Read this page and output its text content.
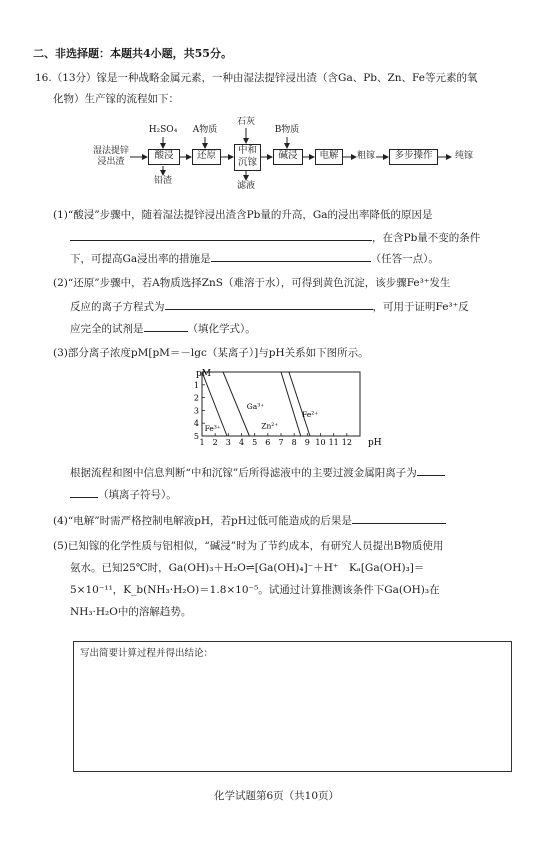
二、非选择题：本题共4小题，共55分。
16.（13分）镓是一种战略金属元素，一种由湿法提锌浸出渣（含Ga、Pb、Zn、Fe等元素的氧
化物）生产镓的流程如下：
湿法提锌
浸出渣
酸浸	还原	中和
沉镓
碱浸	电解	粗镓	多步操作	纯镓
H₂SO₄	A物质
石灰
B物质
铅渣	滤液
(1)“酸浸”步骤中，随着湿法提锌浸出渣含Pb量的升高，Ga的浸出率降低的原因是
，在含Pb量不变的条件
下，可提高Ga浸出率的措施是	（任答一点）。
(2)“还原”步骤中，若A物质选择ZnS（难溶于水），可得到黄色沉淀，该步骤Fe³⁺发生
反应的离子方程式为	，可用于证明Fe³⁺反
应完全的试剂是	（填化学式）。
(3)部分离子浓度pM[pM＝－lgc（某离子）]与pH关系如下图所示。
1 2 3 4 5 6 7 8 9 10 11 12
1
2
3
4
5
Fe³⁺
Ga³⁺
Zn²⁺
Fe²⁺
pM
pH
根据流程和图中信息判断“中和沉镓”后所得滤液中的主要过渡金属阳离子为
（填离子符号）。
(4)“电解”时需严格控制电解液pH，若pH过低可能造成的后果是
(5)已知镓的化学性质与铝相似，“碱浸”时为了节约成本，有研究人员提出B物质使用
氨水。已知25℃时，Ga(OH)₃＋H₂O⇌[Ga(OH)₄]⁻＋H⁺　Kₐ[Ga(OH)₃]＝
5×10⁻¹¹，K_b(NH₃·H₂O)＝1.8×10⁻⁵。试通过计算推测该条件下Ga(OH)₃在
NH₃·H₂O中的溶解趋势。
写出简要计算过程并得出结论：
化学试题第6页（共10页）
